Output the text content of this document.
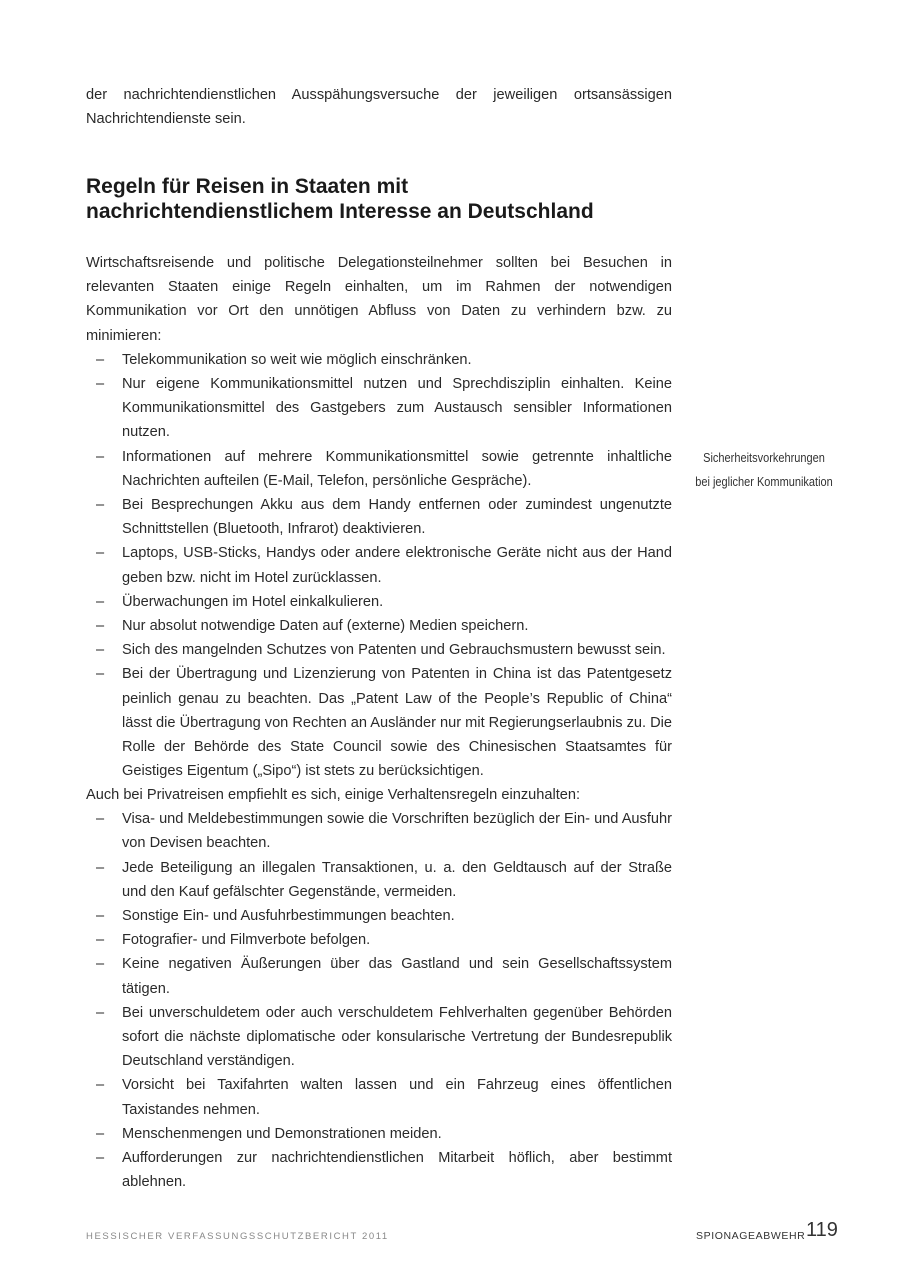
der nachrichtendienstlichen Ausspähungsversuche der jeweiligen ortsansässigen

Nachrichtendienste sein.

Regeln für Reisen in Staaten mit
nachrichtendienstlichem Interesse an Deutschland

Wirtschaftsreisende und politische Delegationsteilnehmer sollten bei Besuchen in relevanten Staaten einige Regeln einhalten, um im Rahmen der notwendigen Kommunikation vor Ort den unnötigen Abfluss von Daten zu verhindern bzw. zu minimieren:

– Telekommunikation so weit wie möglich einschränken.
– Nur eigene Kommunikationsmittel nutzen und Sprechdisziplin einhalten. Keine Kommunikationsmittel des Gastgebers zum Austausch sensibler Informationen nutzen.
– Informationen auf mehrere Kommunikationsmittel sowie getrennte inhaltliche Nachrichten aufteilen (E-Mail, Telefon, persönliche Gespräche).
– Bei Besprechungen Akku aus dem Handy entfernen oder zumindest ungenutzte Schnittstellen (Bluetooth, Infrarot) deaktivieren.
– Laptops, USB-Sticks, Handys oder andere elektronische Geräte nicht aus der Hand geben bzw. nicht im Hotel zurücklassen.
– Überwachungen im Hotel einkalkulieren.
– Nur absolut notwendige Daten auf (externe) Medien speichern.
– Sich des mangelnden Schutzes von Patenten und Gebrauchsmustern bewusst sein.
– Bei der Übertragung und Lizenzierung von Patenten in China ist das Patentgesetz peinlich genau zu beachten. Das „Patent Law of the People’s Republic of China“ lässt die Übertragung von Rechten an Ausländer nur mit Regierungserlaubnis zu. Die Rolle der Behörde des State Council sowie des Chinesischen Staatsamtes für Geistiges Eigentum („Sipo“) ist stets zu berücksichtigen.

Auch bei Privatreisen empfiehlt es sich, einige Verhaltensregeln einzuhalten:

– Visa- und Meldebestimmungen sowie die Vorschriften bezüglich der Ein- und Ausfuhr von Devisen beachten.
– Jede Beteiligung an illegalen Transaktionen, u. a. den Geldtausch auf der Straße und den Kauf gefälschter Gegenstände, vermeiden.
– Sonstige Ein- und Ausfuhrbestimmungen beachten.
– Fotografier- und Filmverbote befolgen.
– Keine negativen Äußerungen über das Gastland und sein Gesellschaftssystem tätigen.
– Bei unverschuldetem oder auch verschuldetem Fehlverhalten gegenüber Behörden sofort die nächste diplomatische oder konsularische Vertretung der Bundesrepublik Deutschland verständigen.
– Vorsicht bei Taxifahrten walten lassen und ein Fahrzeug eines öffentlichen Taxistandes nehmen.
– Menschenmengen und Demonstrationen meiden.
– Aufforderungen zur nachrichtendienstlichen Mitarbeit höflich, aber bestimmt ablehnen.
Sicherheitsvorkehrungen
bei jeglicher Kommunikation
HESSISCHER VERFASSUNGSSCHUTZBERICHT 2011	SPIONAGEABWEHR 119
